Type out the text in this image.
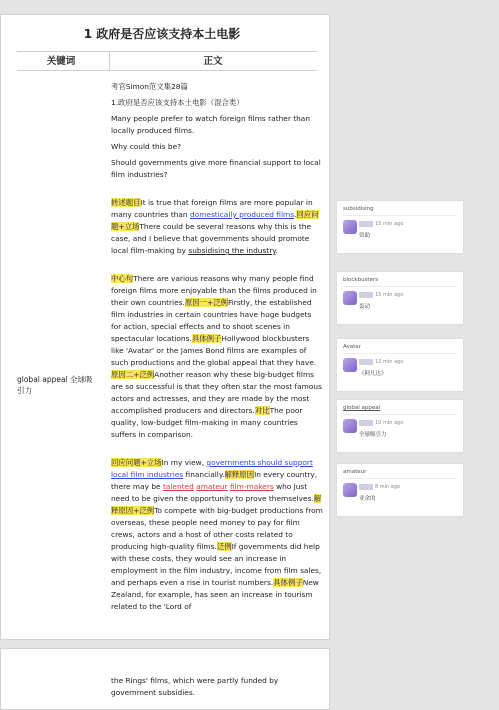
1 政府是否应该支持本土电影
关键词	正文
global appeal 全球吸引力

考官Simon范文集28篇

1.政府是否应该支持本土电影（混合类）

Many people prefer to watch foreign films rather than locally produced films.

Why could this be?

Should governments give more financial support to local film industries?

转述题目It is true that foreign films are more popular in many countries than domestically produced films 回应问题+立场There could be several reasons why this is the case, and I believe that governments should promote local film-making by subsidising the industry.

中心句There are various reasons why many people find foreign films more enjoyable than the films produced in their own countries.原因一+泛例Firstly, the established film industries in certain countries have huge budgets for action, special effects and to shoot scenes in spectacular locations.具体例子Hollywood blockbusters like 'Avatar' or the James Bond films are examples of such productions and the global appeal that they have.原因二+泛例Another reason why these big-budget films are so successful is that they often star the most famous actors and actresses, and they are made by the most accomplished producers and directors.对比The poor quality, low-budget film-making in many countries suffers in comparison.

回应问题+立场In my view, governments should support local film industries financially.解释原因In every country, there may be talented amateur film-makers who just need to be given the opportunity to prove themselves.解释原因+泛例To compete with big-budget productions from overseas, these people need money to pay for film crews, actors and a host of other costs related to producing high-quality films.泛例If governments did help with these costs, they would see an increase in employment in the film industry, income from film sales, and perhaps even a rise in tourist numbers.具体例子New Zealand, for example, has seen an increase in tourism related to the 'Lord of

the Rings' films, which were partly funded by government subsidies.
subsidising
15 min ago
资助
blockbusters
15 min ago
轰动
Avatar
12 min ago
《阿凡达》
global appeal
10 min ago
全球吸引力
amateur
8 min ago
业余的
